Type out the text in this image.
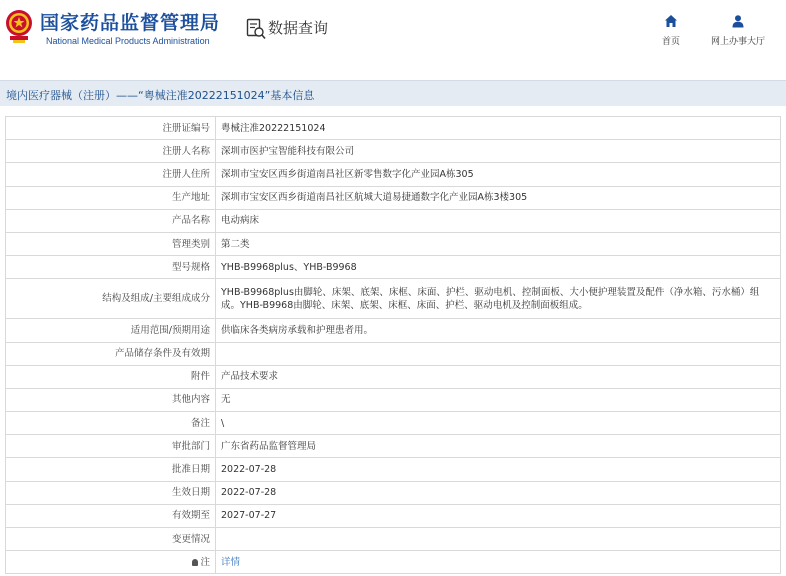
国家药品监督管理局
National Medical Products Administration
数据查询
首页	网上办事大厅
境内医疗器械（注册）——“粤械注准20222151024”基本信息
注册证编号	粤械注准20222151024
注册人名称	深圳市医护宝智能科技有限公司
注册人住所	深圳市宝安区西乡街道南昌社区新零售数字化产业园A栋305
生产地址	深圳市宝安区西乡街道南昌社区航城大道易捷通数字化产业园A栋3楼305
产品名称	电动病床
管理类别	第二类
型号规格	YHB-B9968plus、YHB-B9968
结构及组成/主要组成成分	YHB-B9968plus由脚轮、床架、底架、床框、床面、护栏、驱动电机、控制面板、大小便护理装置及配件（净水箱、污水桶）组成。YHB-B9968由脚轮、床架、底架、床框、床面、护栏、驱动电机及控制面板组成。
适用范围/预期用途	供临床各类病房承载和护理患者用。
产品储存条件及有效期	
附件	产品技术要求
其他内容	无
备注	\
审批部门	广东省药品监督管理局
批准日期	2022-07-28
生效日期	2022-07-28
有效期至	2027-07-27
变更情况	
注	详情
